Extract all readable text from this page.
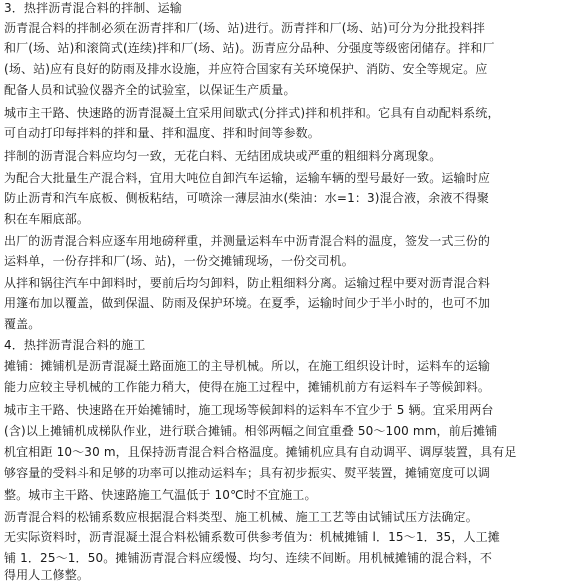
3．热拌沥青混合料的拌制、运输
沥青混合料的拌制必须在沥青拌和厂(场、站)进行。沥青拌和厂(场、站)可分为分批投料拌
和厂(场、站)和滚筒式(连续)拌和厂(场、站)。沥青应分品种、分强度等级密闭储存。拌和厂
(场、站)应有良好的防雨及排水设施，并应符合国家有关环境保护、消防、安全等规定。应
配备人员和试验仪器齐全的试验室，以保证生产质量。
城市主干路、快速路的沥青混凝土宜采用间歇式(分拌式)拌和机拌和。它具有自动配料系统，
可自动打印每拌料的拌和量、拌和温度、拌和时间等参数。
拌制的沥青混合料应均匀一致，无花白料、无结团成块或严重的粗细料分离现象。
为配合大批量生产混合料，宜用大吨位自卸汽车运输，运输车辆的型号最好一致。运输时应
防止沥青和汽车底板、侧板粘结，可喷涂一薄层油水(柴油：水=1：3)混合液，余液不得聚
积在车厢底部。
出厂的沥青混合料应逐车用地磅秤重，并测量运料车中沥青混合料的温度，签发一式三份的
运料单，一份存拌和厂(场、站)，一份交摊铺现场，一份交司机。
从拌和锅往汽车中卸料时，要前后均匀卸料，防止粗细料分离。运输过程中要对沥青混合料
用篷布加以覆盖，做到保温、防雨及保护环境。在夏季，运输时间少于半小时的，也可不加
覆盖。
4．热拌沥青混合料的施工
摊铺：摊铺机是沥青混凝土路面施工的主导机械。所以，在施工组织设计时，运料车的运输
能力应较主导机械的工作能力稍大，使得在施工过程中，摊铺机前方有运料车子等候卸料。
城市主干路、快速路在开始摊铺时，施工现场等候卸料的运料车不宜少于 5 辆。宜采用两台
(含)以上摊铺机成梯队作业，进行联合摊铺。相邻两幅之间宜重叠 50～100 mm，前后摊铺
机宜相距 10～30 m，且保持沥青混合料合格温度。摊铺机应具有自动调平、调厚装置，具有足
够容量的受料斗和足够的功率可以推动运料车；具有初步振实、熨平装置，摊铺宽度可以调
整。城市主干路、快速路施工气温低于 10℃时不宜施工。
沥青混合料的松铺系数应根据混合料类型、施工机械、施工工艺等由试铺试压方法确定。
无实际资料时，沥青混凝土混合料松铺系数可供参考值为：机械摊铺 l．15～1．35，人工摊
铺 1．25～1．50。摊铺沥青混合料应缓慢、均匀、连续不间断。用机械摊铺的混合料，不
得用人工修整。
